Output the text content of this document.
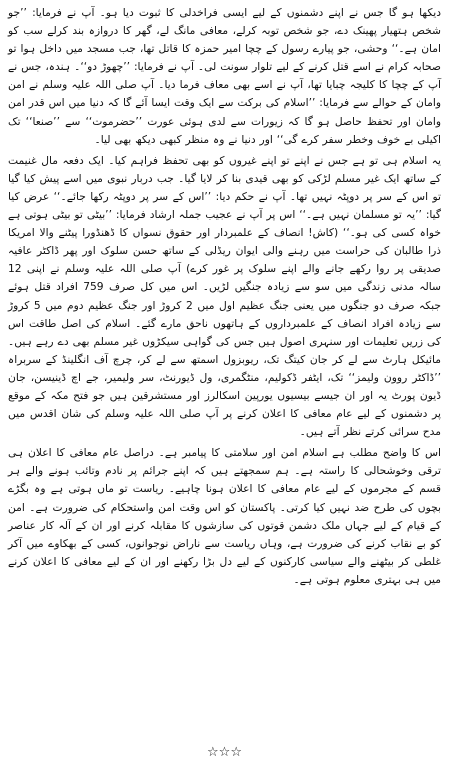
دیکھا ہو گا جس نے اپنے دشمنوں کے لیے ایسی فراخدلی کا ثبوت دیا ہو۔ آپ نے فرمایا: ’’جو شخص ہتھیار پھینک دے، جو شخص توبہ کرلے، معافی مانگ لے، گھر کا دروازہ بند کرلے سب کو امان ہے۔‘‘ وحشی، جو پیارے رسول کے چچا امیر حمزہ کا قاتل تھا، جب مسجد میں داخل ہوا تو صحابہ کرام نے اسے قتل کرنے کے لیے تلوار سونت لی۔ آپ نے فرمایا: ’’چھوڑ دو‘‘۔ ہندہ، جس نے آپ کے چچا کا کلیجہ چبایا تھا، آپ نے اسے بھی معاف فرما دیا۔ آپ صلی اللہ علیہ وسلم نے امن وامان کے حوالے سے فرمایا: ’’اسلام کی برکت سے ایک وقت ایسا آئے گا کہ دنیا میں اس قدر امن وامان اور تحفظ حاصل ہو گا کہ زیورات سے لدی ہوئی عورت ’’حضرموت‘‘ سے ’’صنعا‘‘ تک اکیلی بے خوف وخطر سفر کرے گی‘‘ اور دنیا نے وہ منظر کبھی دیکھ بھی لیا۔

یہ اسلام ہی تو ہے جس نے اپنے تو اپنے غیروں کو بھی تحفظ فراہم کیا۔ ایک دفعہ مال غنیمت کے ساتھ ایک غیر مسلم لڑکی کو بھی قیدی بنا کر لایا گیا۔ جب دربار نبوی میں اسے پیش کیا گیا تو اس کے سر پر دوپٹہ نہیں تھا۔ آپ نے حکم دیا: ’’اس کے سر پر دوپٹہ رکھا جائے۔‘‘ عرض کیا گیا: ’’یہ تو مسلمان نہیں ہے۔‘‘ اس پر آپ نے عجیب جملہ ارشاد فرمایا: ’’بیٹی تو بیٹی ہوتی ہے خواہ کسی کی ہو۔‘‘ (کاش! انصاف کے علمبردار اور حقوق نسواں کا ڈھنڈورا پیٹنے والا امریکا ذرا طالبان کی حراست میں رہنے والی ایوان ریڈلی کے ساتھ حسن سلوک اور پھر ڈاکٹر عافیہ صدیقی پر روا رکھے جانے والے اپنے سلوک پر غور کرے) آپ صلی اللہ علیہ وسلم نے اپنی 12 سالہ مدنی زندگی میں سو سے زیادہ جنگیں لڑیں۔ اس میں کل صرف 759 افراد قتل ہوئے جبکہ صرف دو جنگوں میں یعنی جنگ عظیم اول میں 2 کروڑ اور جنگ عظیم دوم میں 5 کروڑ سے زیادہ افراد انصاف کے علمبرداروں کے ہاتھوں ناحق مارے گئے۔ اسلام کی اصل طاقت اس کی زریں تعلیمات اور سنہری اصول ہیں جس کی گواہی سیکڑوں غیر مسلم بھی دے رہے ہیں۔ مائیکل ہارٹ سے لے کر جان کیتگ تک، ریوبزول اسمتھ سے لے کر، چرچ آف انگلینڈ کے سربراہ ’’ڈاکٹر روون ولیمز‘‘ تک، ایٹفر ڈکولیم، منٹگمری، ول ڈیورنٹ، سر ولیمیر، جے اچ ڈینیسن، جان ڈیون پورٹ یہ اور ان جیسے بیسیوں یورپین اسکالرز اور مستشرقین ہیں جو فتح مکہ کے موقع پر دشمنوں کے لیے عام معافی کا اعلان کرنے پر آپ صلی اللہ علیہ وسلم کی شان اقدس میں مدح سرائی کرتے نظر آتے ہیں۔

اس کا واضح مطلب ہے اسلام امن اور سلامتی کا پیامبر ہے۔ دراصل عام معافی کا اعلان ہی ترقی وخوشحالی کا راستہ ہے۔ ہم سمجھتے ہیں کہ اپنے جرائم پر نادم وتائب ہونے والے ہر قسم کے مجرموں کے لیے عام معافی کا اعلان ہونا چاہیے۔ ریاست تو ماں ہوتی ہے وہ بگڑے بچوں کی طرح ضد نہیں کیا کرتی۔ پاکستان کو اس وقت امن واستحکام کی ضرورت ہے۔ امن کے قیام کے لیے جہاں ملک دشمن قوتوں کی سازشوں کا مقابلہ کرنے اور ان کے آلہ کار عناصر کو بے نقاب کرنے کی ضرورت ہے، وہاں ریاست سے ناراض نوجوانوں، کسی کے بھکاوے میں آکر غلطی کر بیٹھنے والے سیاسی کارکنوں کے لیے دل بڑا رکھنے اور ان کے لیے معافی کا اعلان کرنے میں ہی بہتری معلوم ہوتی ہے۔

☆☆☆
